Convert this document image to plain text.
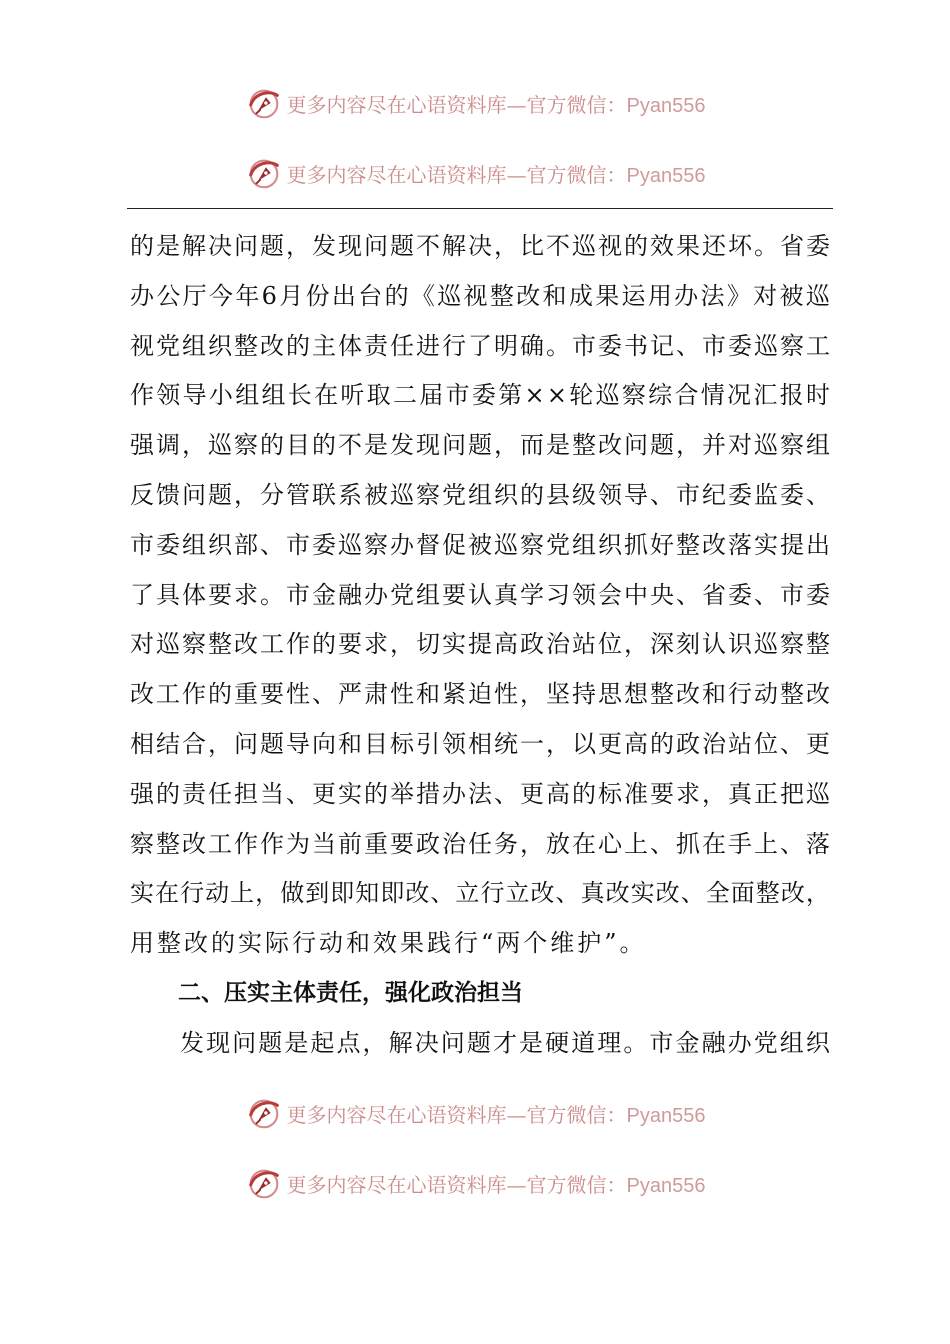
更多内容尽在心语资料库—官方微信：Pyan556
更多内容尽在心语资料库—官方微信：Pyan556
的 是 解 决 问 题 ， 发 现 问 题 不 解 决 ， 比 不 巡 视 的 效 果 还 坏 。 省 委
办 公 厅 今 年 6 月 份 出 台 的 《 巡 视 整 改 和 成 果 运 用 办 法 》 对 被 巡
视 党 组 织 整 改 的 主 体 责 任 进 行 了 明 确 。 市 委 书 记 、 市 委 巡 察 工
作 领 导 小 组 组 长 在 听 取 二 届 市 委 第 × × 轮 巡 察 综 合 情 况 汇 报 时
强 调 ， 巡 察 的 目 的 不 是 发 现 问 题 ， 而 是 整 改 问 题 ， 并 对 巡 察 组
反 馈 问 题 ， 分 管 联 系 被 巡 察 党 组 织 的 县 级 领 导 、 市 纪 委 监 委 、
市 委 组 织 部 、 市 委 巡 察 办 督 促 被 巡 察 党 组 织 抓 好 整 改 落 实 提 出
了 具 体 要 求 。 市 金 融 办 党 组 要 认 真 学 习 领 会 中 央 、 省 委 、 市 委
对 巡 察 整 改 工 作 的 要 求 ， 切 实 提 高 政 治 站 位 ， 深 刻 认 识 巡 察 整
改 工 作 的 重 要 性 、 严 肃 性 和 紧 迫 性 ， 坚 持 思 想 整 改 和 行 动 整 改
相 结 合 ， 问 题 导 向 和 目 标 引 领 相 统 一 ， 以 更 高 的 政 治 站 位 、 更
强 的 责 任 担 当 、 更 实 的 举 措 办 法 、 更 高 的 标 准 要 求 ， 真 正 把 巡
察 整 改 工 作 作 为 当 前 重 要 政 治 任 务 ， 放 在 心 上 、 抓 在 手 上 、 落
实 在 行 动 上 ， 做 到 即 知 即 改 、 立 行 立 改 、 真 改 实 改 、 全 面 整 改 ，
用整改的实际行动和效果践行“两个维护”。
二、压实主体责任，强化政治担当
发 现 问 题 是 起 点 ， 解 决 问 题 才 是 硬 道 理 。 市 金 融 办 党 组 织
更多内容尽在心语资料库—官方微信：Pyan556
更多内容尽在心语资料库—官方微信：Pyan556
